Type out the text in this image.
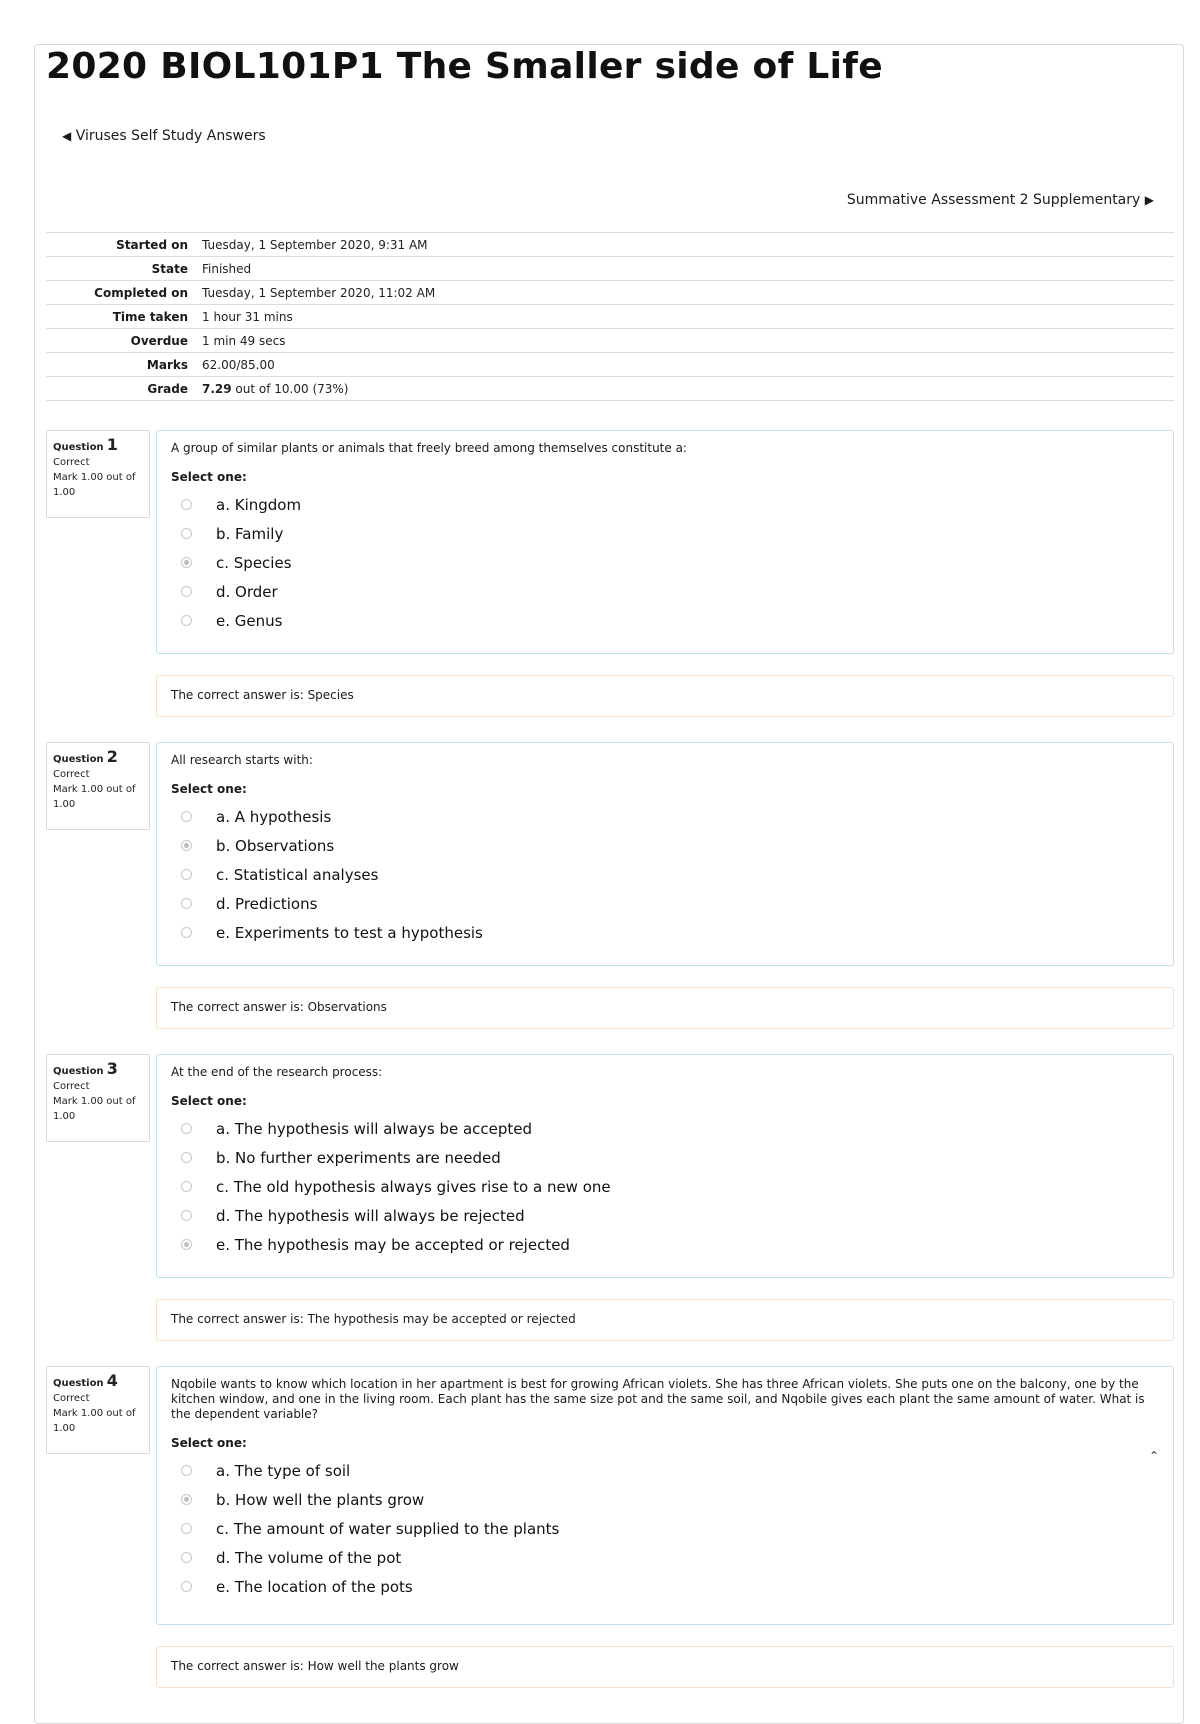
2020 BIOL101P1 The Smaller side of Life
◀ Viruses Self Study Answers
Summative Assessment 2 Supplementary ▶
Started on	Tuesday, 1 September 2020, 9:31 AM
State	Finished
Completed on	Tuesday, 1 September 2020, 11:02 AM
Time taken	1 hour 31 mins
Overdue	1 min 49 secs
Marks	62.00/85.00
Grade	7.29 out of 10.00 (73%)
Question 1
Correct
Mark 1.00 out of 1.00

A group of similar plants or animals that freely breed among themselves constitute a:

Select one:
a. Kingdom
b. Family
c. Species
d. Order
e. Genus
The correct answer is: Species
Question 2
Correct
Mark 1.00 out of 1.00

All research starts with:

Select one:
a. A hypothesis
b. Observations
c. Statistical analyses
d. Predictions
e. Experiments to test a hypothesis
The correct answer is: Observations
Question 3
Correct
Mark 1.00 out of 1.00

At the end of the research process:

Select one:
a. The hypothesis will always be accepted
b. No further experiments are needed
c. The old hypothesis always gives rise to a new one
d. The hypothesis will always be rejected
e. The hypothesis may be accepted or rejected
The correct answer is: The hypothesis may be accepted or rejected
Question 4
Correct
Mark 1.00 out of 1.00

Nqobile wants to know which location in her apartment is best for growing African violets. She has three African violets. She puts one on the balcony, one by the kitchen window, and one in the living room. Each plant has the same size pot and the same soil, and Nqobile gives each plant the same amount of water. What is the dependent variable?

Select one:
a. The type of soil
b. How well the plants grow
c. The amount of water supplied to the plants
d. The volume of the pot
e. The location of the pots
⌃
The correct answer is: How well the plants grow
